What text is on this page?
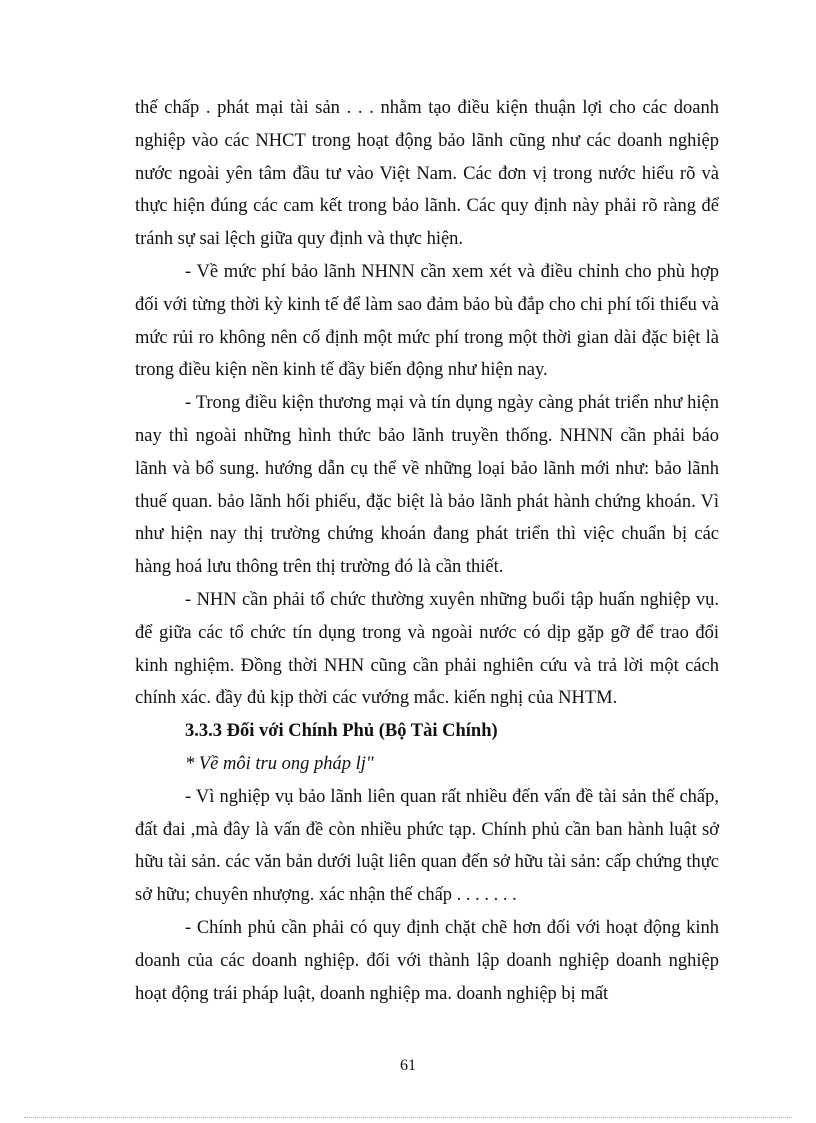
thế chấp . phát mại tài sản . . . nhằm tạo điều kiện thuận lợi cho các doanh nghiệp vào các NHCT trong hoạt động bảo lãnh cũng như các doanh nghiệp nước ngoài yên tâm đầu tư vào Việt Nam. Các đơn vị trong nước hiểu rõ và thực hiện đúng các cam kết trong bảo lãnh. Các quy định này phải rõ ràng để tránh sự sai lệch giữa quy định và thực hiện.

- Về mức phí bảo lãnh NHNN cần xem xét và điều chỉnh cho phù hợp đối với từng thời kỳ kinh tế để làm sao đảm bảo bù đắp cho chi phí tối thiểu và mức rủi ro không nên cố định một mức phí trong một thời gian dài đặc biệt là trong điều kiện nền kinh tế đầy biến động như hiện nay.

- Trong điều kiện thương mại và tín dụng ngày càng phát triển như hiện nay thì ngoài những hình thức bảo lãnh truyền thống. NHNN cần phải báo lãnh và bổ sung. hướng dẫn cụ thể về những loại bảo lãnh mới như: bảo lãnh thuế quan. bảo lãnh hối phiếu, đặc biệt là bảo lãnh phát hành chứng khoán. Vì như hiện nay thị trường chứng khoán đang phát triển thì việc chuẩn bị các hàng hoá lưu thông trên thị trường đó là cần thiết.

- NHN cần phải tổ chức thường xuyên những buổi tập huấn nghiệp vụ. để giữa các tổ chức tín dụng trong và ngoài nước có dịp gặp gỡ để trao đổi kinh nghiệm. Đồng thời NHN cũng cần phải nghiên cứu và trả lời một cách chính xác. đầy đủ kịp thời các vướng mắc. kiến nghị của NHTM.

3.3.3 Đối với Chính Phủ (Bộ Tài Chính)

* Về môi tru ong pháp lj"

- Vì nghiệp vụ bảo lãnh liên quan rất nhiều đến vấn đề tài sản thế chấp, đất đai ,mà đây là vấn đề còn nhiều phức tạp. Chính phủ cần ban hành luật sở hữu tài sản. các văn bản dưới luật liên quan đến sở hữu tài sản: cấp chứng thực sở hữu; chuyên nhượng. xác nhận thế chấp . . . . . . .

- Chính phủ cần phải có quy định chặt chẽ hơn đối với hoạt động kinh doanh của các doanh nghiệp. đối với thành lập doanh nghiệp doanh nghiệp hoạt động trái pháp luật, doanh nghiệp ma. doanh nghiệp bị mất

61
